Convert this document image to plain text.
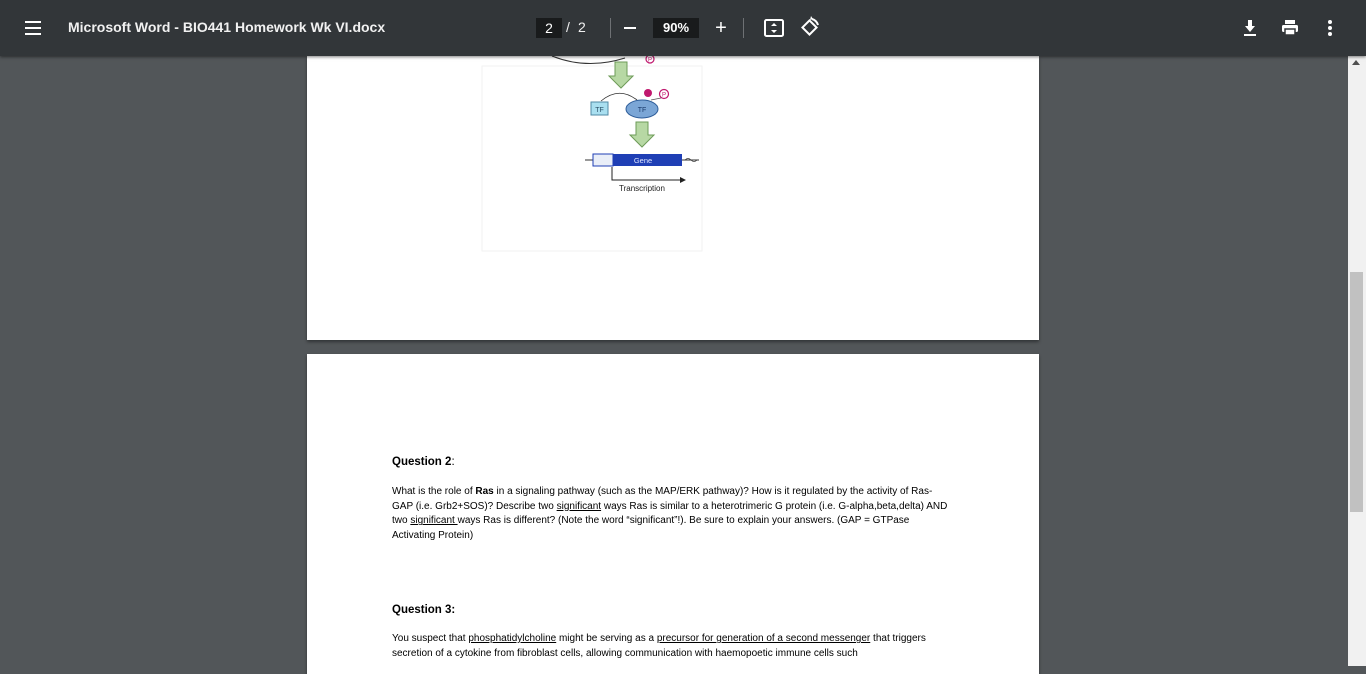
Microsoft Word - BIO441 Homework Wk VI.docx	2 / 2	90%	+
P
TF	TF
P
Gene
Transcription
Question 2:
What is the role of Ras in a signaling pathway (such as the MAP/ERK pathway)? How is it regulated by the activity of Ras-GAP (i.e. Grb2+SOS)? Describe two significant ways Ras is similar to a heterotrimeric G protein (i.e. G-alpha,beta,delta) AND two significant ways Ras is different? (Note the word “significant”!). Be sure to explain your answers. (GAP = GTPase Activating Protein)
Question 3:
You suspect that phosphatidylcholine might be serving as a precursor for generation of a second messenger that triggers secretion of a cytokine from fibroblast cells, allowing communication with haemopoetic immune cells such
